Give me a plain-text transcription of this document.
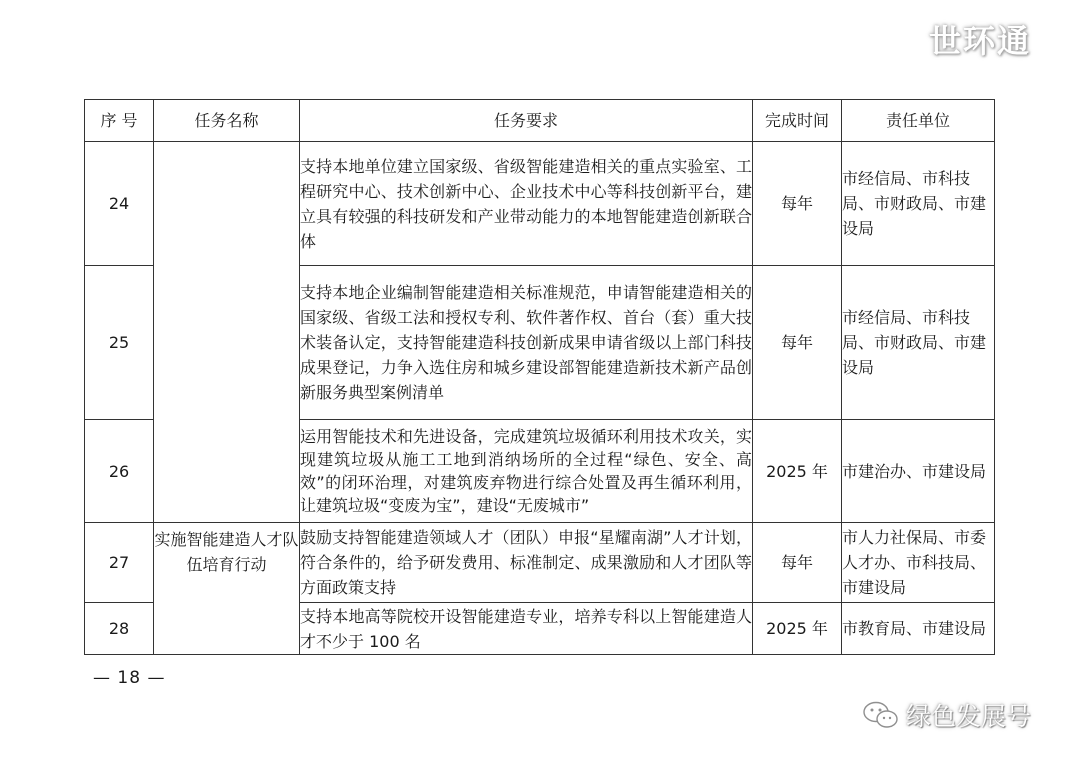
世环通
序 号	任务名称	任务要求	完成时间	责任单位
24		支持本地单位建立国家级、省级智能建造相关的重点实验室、工程研究中心、技术创新中心、企业技术中心等科技创新平台，建立具有较强的科技研发和产业带动能力的本地智能建造创新联合体	每年	市经信局、市科技局、市财政局、市建设局
25		支持本地企业编制智能建造相关标准规范，申请智能建造相关的国家级、省级工法和授权专利、软件著作权、首台（套）重大技术装备认定，支持智能建造科技创新成果申请省级以上部门科技成果登记，力争入选住房和城乡建设部智能建造新技术新产品创新服务典型案例清单	每年	市经信局、市科技局、市财政局、市建设局
26		运用智能技术和先进设备，完成建筑垃圾循环利用技术攻关，实现建筑垃圾从施工工地到消纳场所的全过程“绿色、安全、高效”的闭环治理，对建筑废弃物进行综合处置及再生循环利用，让建筑垃圾“变废为宝”，建设“无废城市”	2025 年	市建治办、市建设局
27	实施智能建造人才队伍培育行动	鼓励支持智能建造领域人才（团队）申报“星耀南湖”人才计划，符合条件的，给予研发费用、标准制定、成果激励和人才团队等方面政策支持	每年	市人力社保局、市委人才办、市科技局、市建设局
28		支持本地高等院校开设智能建造专业，培养专科以上智能建造人才不少于 100 名	2025 年	市教育局、市建设局
— 18 —
绿色发展号
